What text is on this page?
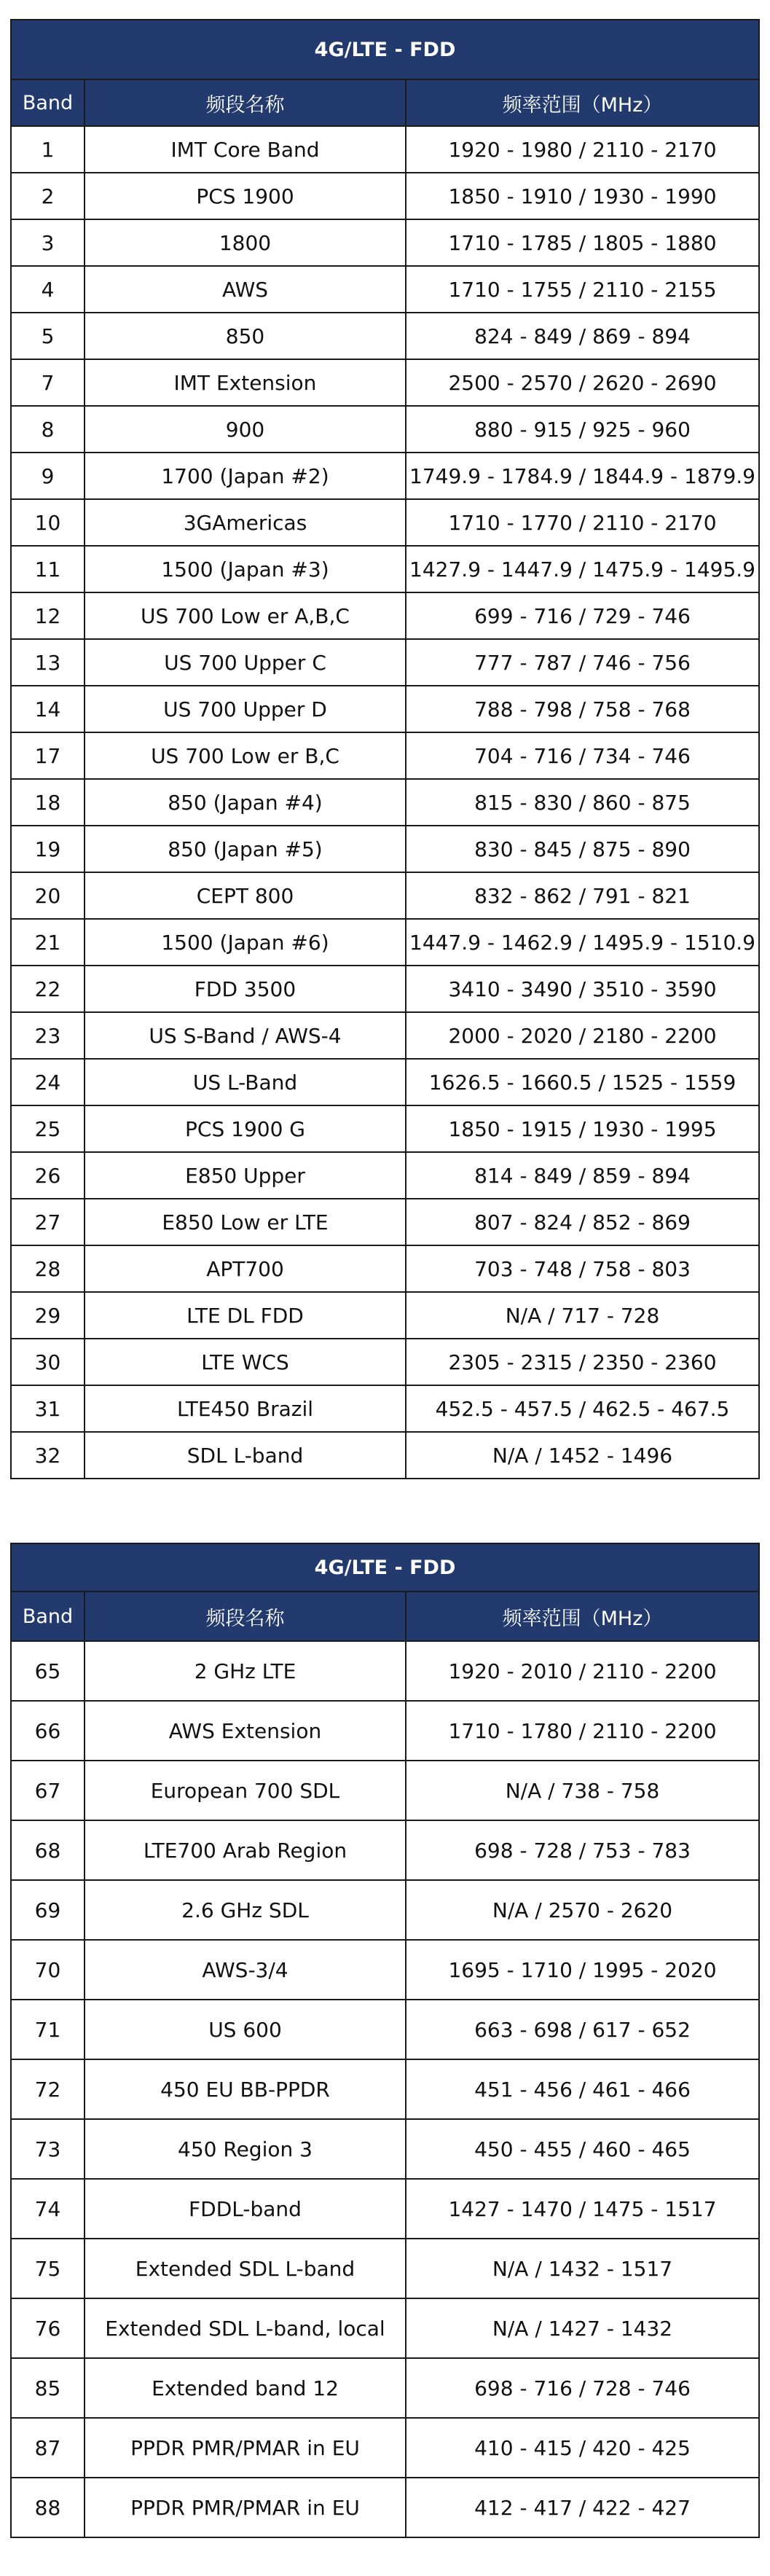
4G/LTE - FDD		
Band	频段名称	频率范围（MHz）
1	IMT Core Band	1920 - 1980 / 2110 - 2170
2	PCS 1900	1850 - 1910 / 1930 - 1990
3	1800	1710 - 1785 / 1805 - 1880
4	AWS	1710 - 1755 / 2110 - 2155
5	850	824 - 849 / 869 - 894
7	IMT Extension	2500 - 2570 / 2620 - 2690
8	900	880 - 915 / 925 - 960
9	1700 (Japan #2)	1749.9 - 1784.9 / 1844.9 - 1879.9
10	3GAmericas	1710 - 1770 / 2110 - 2170
11	1500 (Japan #3)	1427.9 - 1447.9 / 1475.9 - 1495.9
12	US 700 Low er A,B,C	699 - 716 / 729 - 746
13	US 700 Upper C	777 - 787 / 746 - 756
14	US 700 Upper D	788 - 798 / 758 - 768
17	US 700 Low er B,C	704 - 716 / 734 - 746
18	850 (Japan #4)	815 - 830 / 860 - 875
19	850 (Japan #5)	830 - 845 / 875 - 890
20	CEPT 800	832 - 862 / 791 - 821
21	1500 (Japan #6)	1447.9 - 1462.9 / 1495.9 - 1510.9
22	FDD 3500	3410 - 3490 / 3510 - 3590
23	US S-Band / AWS-4	2000 - 2020 / 2180 - 2200
24	US L-Band	1626.5 - 1660.5 / 1525 - 1559
25	PCS 1900 G	1850 - 1915 / 1930 - 1995
26	E850 Upper	814 - 849 / 859 - 894
27	E850 Low er LTE	807 - 824 / 852 - 869
28	APT700	703 - 748 / 758 - 803
29	LTE DL FDD	N/A / 717 - 728
30	LTE WCS	2305 - 2315 / 2350 - 2360
31	LTE450 Brazil	452.5 - 457.5 / 462.5 - 467.5
32	SDL L-band	N/A / 1452 - 1496
4G/LTE - FDD		
Band	频段名称	频率范围（MHz）
65	2 GHz LTE	1920 - 2010 / 2110 - 2200
66	AWS Extension	1710 - 1780 / 2110 - 2200
67	European 700 SDL	N/A / 738 - 758
68	LTE700 Arab Region	698 - 728 / 753 - 783
69	2.6 GHz SDL	N/A / 2570 - 2620
70	AWS-3/4	1695 - 1710 / 1995 - 2020
71	US 600	663 - 698 / 617 - 652
72	450 EU BB-PPDR	451 - 456 / 461 - 466
73	450 Region 3	450 - 455 / 460 - 465
74	FDDL-band	1427 - 1470 / 1475 - 1517
75	Extended SDL L-band	N/A / 1432 - 1517
76	Extended SDL L-band, local	N/A / 1427 - 1432
85	Extended band 12	698 - 716 / 728 - 746
87	PPDR PMR/PMAR in EU	410 - 415 / 420 - 425
88	PPDR PMR/PMAR in EU	412 - 417 / 422 - 427
